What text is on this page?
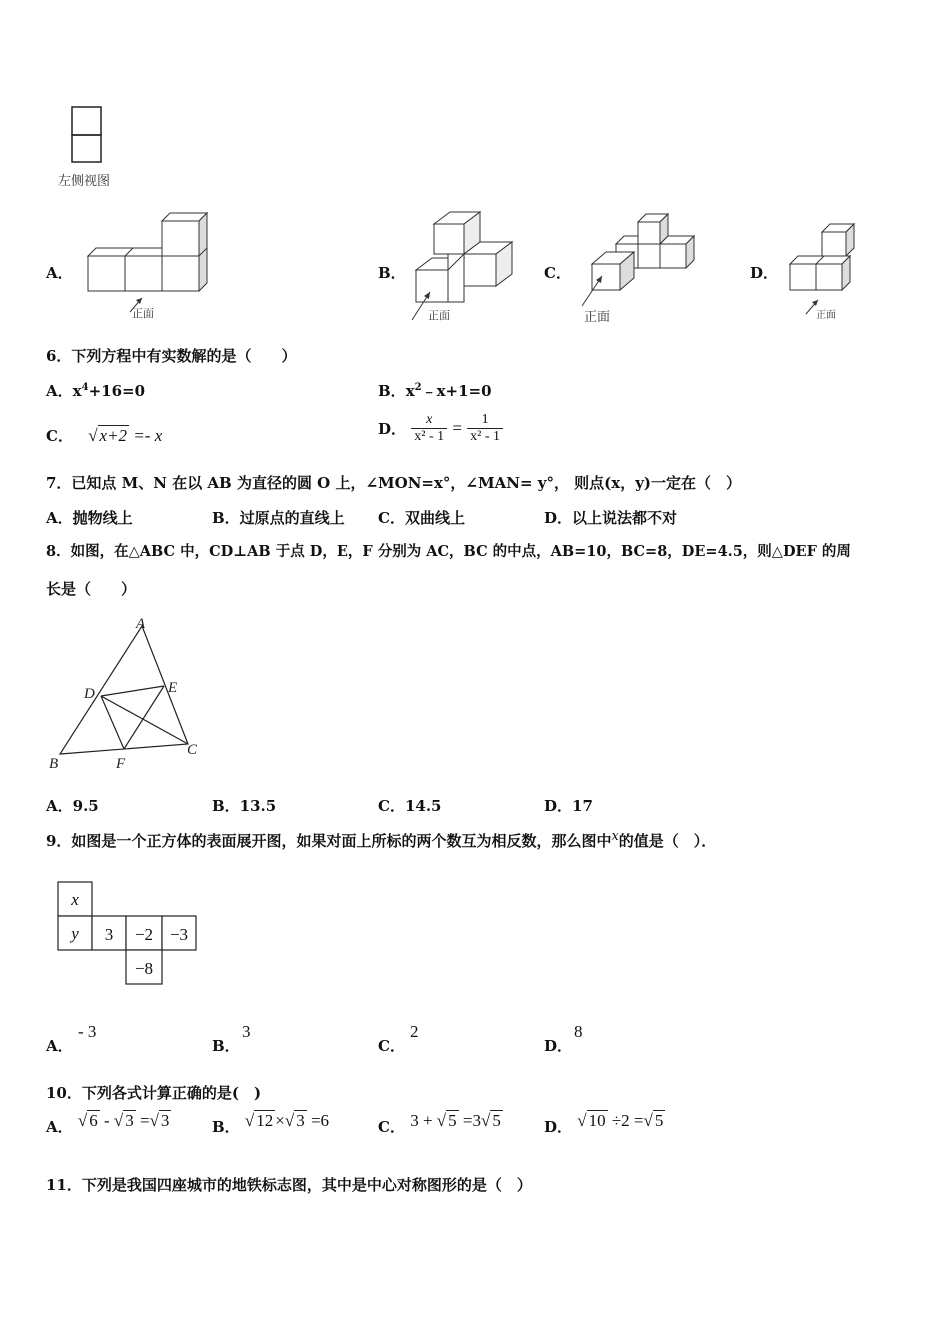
左侧视图
A．
正面
B．
正面
C．
正面
D．
正面
6．下列方程中有实数解的是（　　）
A．$x^4+16=0$	B．$x^2﹣x+1=0$
C． √ x+2 =- x	D． $\frac{x}{\text{x² - 1}} = \frac{1}{\text{x² - 1}}$
7．已知点 M、N 在以 AB 为直径的圆 O 上，∠MON=x°，∠MAN= y°， 则点(x，y)一定在（　）
A．抛物线上	B．过原点的直线上 C．双曲线上	D．以上说法都不对
8．如图，在△ABC 中，CD⊥AB 于点 D，E，F 分别为 AC，BC 的中点，AB=10，BC=8，DE=4.5，则△DEF 的周
长是（　　）
A
B
C
D	E
F
A．9.5	B．13.5	C．14.5	D．17
9．如图是一个正方体的表面展开图，如果对面上所标的两个数互为相反数，那么图中x的值是（　）．
x
y 3 −2 −3
−8
A．
- 3
B．
3
C．
2
D．
8
10．下列各式计算正确的是(　)
A． √ 6 - √ 3 =√ 3	B． √ 12 ×√ 3 =6	C． 3 + √ 5 =3√ 5	D． √ 10 ÷2 =√ 5
11．下列是我国四座城市的地铁标志图，其中是中心对称图形的是（　）
